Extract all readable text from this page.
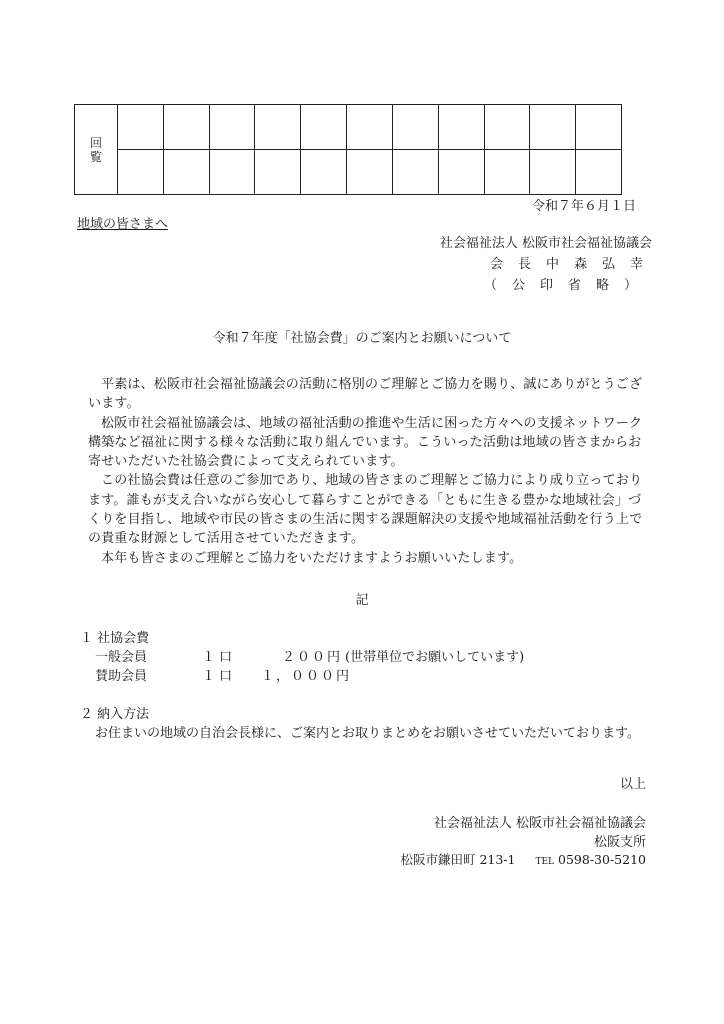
回
覧											

令和７年６月１日
地域の皆さまへ
社会福祉法人 松阪市社会福祉協議会
会　長　中　森　弘　幸
（　公　印　省　略　）
令和７年度「社協会費」のご案内とお願いについて

平素は、松阪市社会福祉協議会の活動に格別のご理解とご協力を賜り、誠にありがとうございます。

松阪市社会福祉協議会は、地域の福祉活動の推進や生活に困った方々への支援ネットワーク構築など福祉に関する様々な活動に取り組んでいます。こういった活動は地域の皆さまからお寄せいただいた社協会費によって支えられています。

この社協会費は任意のご参加であり、地域の皆さまのご理解とご協力により成り立っております。誰もが支え合いながら安心して暮らすことができる「ともに生きる豊かな地域社会」づくりを目指し、地域や市民の皆さまの生活に関する課題解決の支援や地域福祉活動を行う上での貴重な財源として活用させていただきます。

本年も皆さまのご理解とご協力をいただけますようお願いいたします。

記
１ 社協会費
一般会員	１ 口	２００円 (世帯単位でお願いしています)
賛助会員	１ 口 １，０００円
２ 納入方法
お住まいの地域の自治会長様に、ご案内とお取りまとめをお願いさせていただいております。
以上
社会福祉法人 松阪市社会福祉協議会
松阪支所
松阪市鎌田町 213-1 TEL 0598-30-5210
